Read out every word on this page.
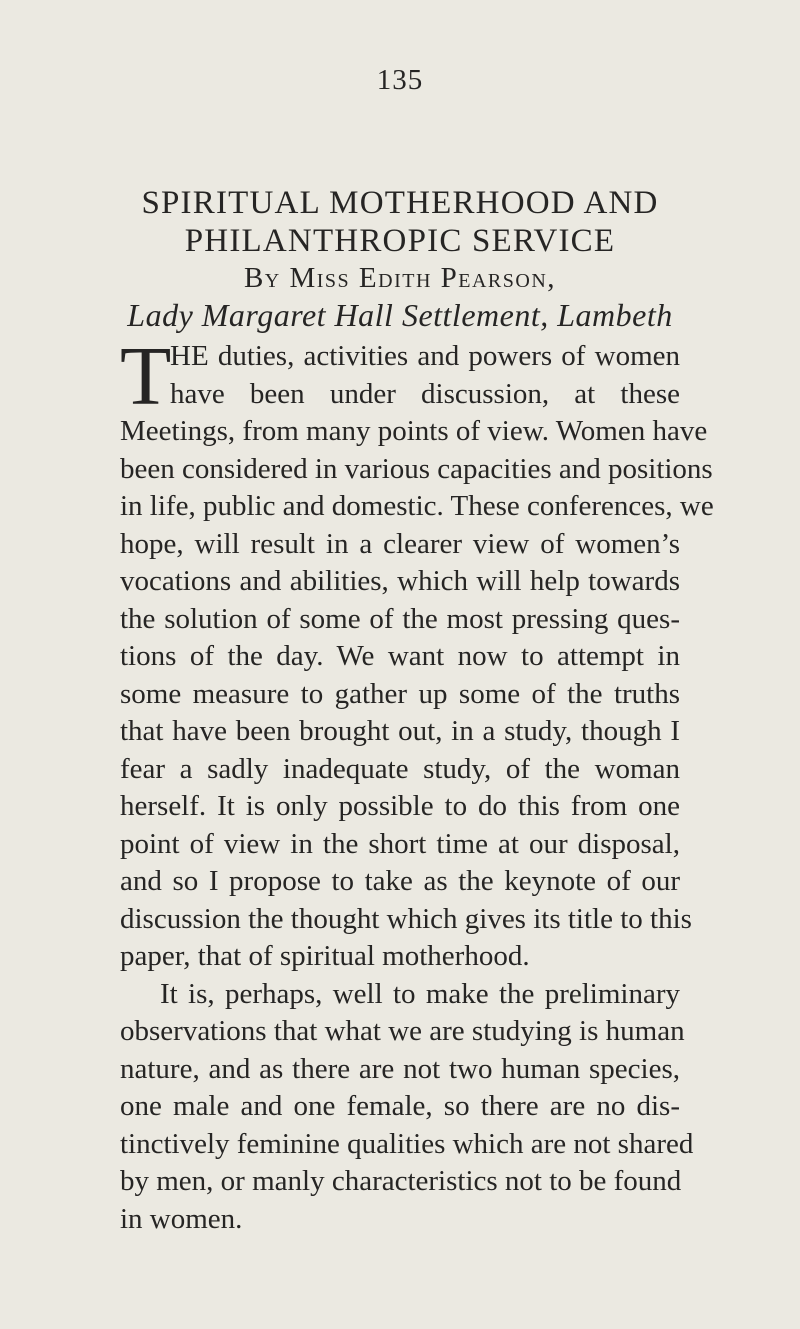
135
SPIRITUAL MOTHERHOOD AND
PHILANTHROPIC SERVICE
By Miss Edith Pearson,
Lady Margaret Hall Settlement, Lambeth
T
HE duties, activities and powers of women
have been under discussion, at these
Meetings, from many points of view. Women have
been considered in various capacities and positions
in life, public and domestic. These conferences, we
hope, will result in a clearer view of women’s
vocations and abilities, which will help towards
the solution of some of the most pressing ques-
tions of the day. We want now to attempt in
some measure to gather up some of the truths
that have been brought out, in a study, though I
fear a sadly inadequate study, of the woman
herself. It is only possible to do this from one
point of view in the short time at our disposal,
and so I propose to take as the keynote of our
discussion the thought which gives its title to this
paper, that of spiritual motherhood.
It is, perhaps, well to make the preliminary
observations that what we are studying is human
nature, and as there are not two human species,
one male and one female, so there are no dis-
tinctively feminine qualities which are not shared
by men, or manly characteristics not to be found
in women.
